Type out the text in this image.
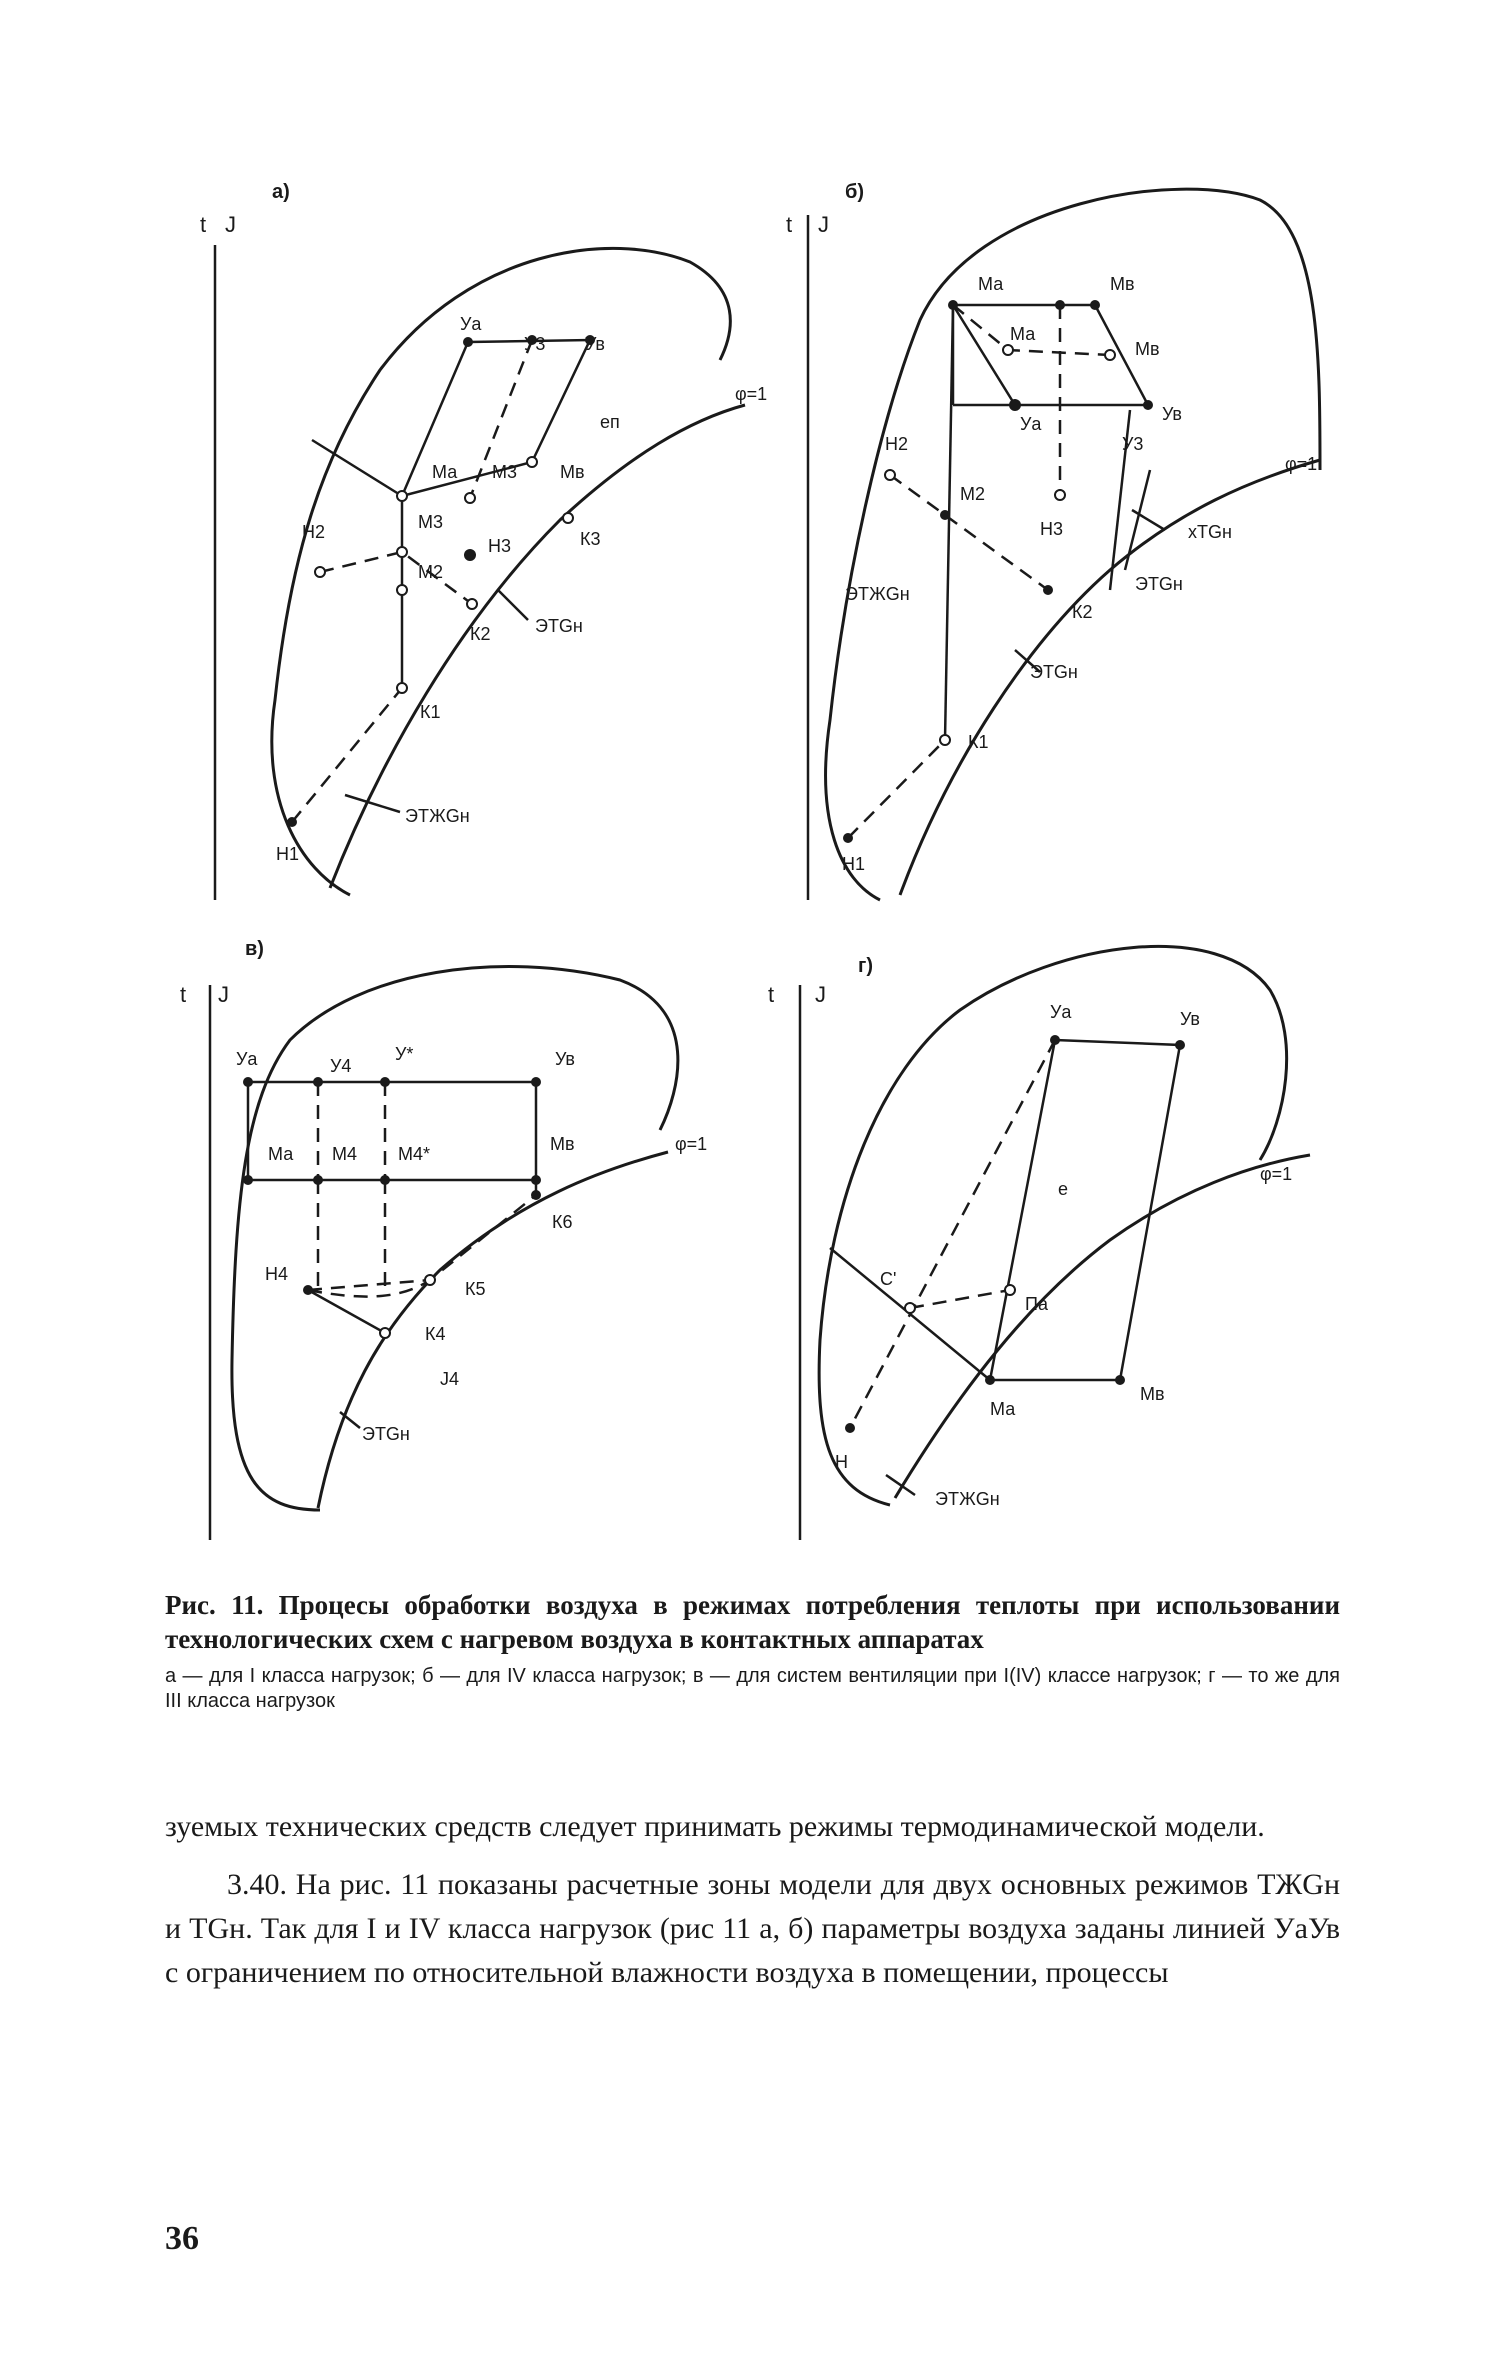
а)
t J
φ=1
Уа
У3 Ув
Ма М3 Мв
М3
М2
Н2
Н3	К3
К2
К1
Н1
еп
ЭTGн
ЭТЖGн
б)
t J
φ=1
Ма	Мв
Ма
Мв
Уа	Ув
У3
Н2
М2
Н3
К2
К1
Н1
xTGн
ЭТЖGн	ЭTGн
ЭTGн
в)
t J
φ=1
Уа	У4
У*	Ув
Ма М4 М4*	Мв
К6
Н4
К5
К4
J4
ЭTGн
г)
t J
φ=1
Уа	Ув
е
С'
Па
Н
Ма
Мв
ЭТЖGн

Рис. 11. Процесы обработки воздуха в режимах потребления теплоты при использовании технологических схем с нагревом воздуха в контактных аппаратах

а — для I класса нагрузок; б — для IV класса нагрузок; в — для систем вентиляции при I(IV) классе нагрузок; г — то же для III класса нагрузок

зуемых технических средств следует принимать режимы термодинамической модели.

3.40. На рис. 11 показаны расчетные зоны модели для двух основных режимов ТЖGн и TGн. Так для I и IV класса нагрузок (рис 11 а, б) параметры воздуха заданы линией УаУв с ограничением по относительной влажности воздуха в помещении, процессы

36
